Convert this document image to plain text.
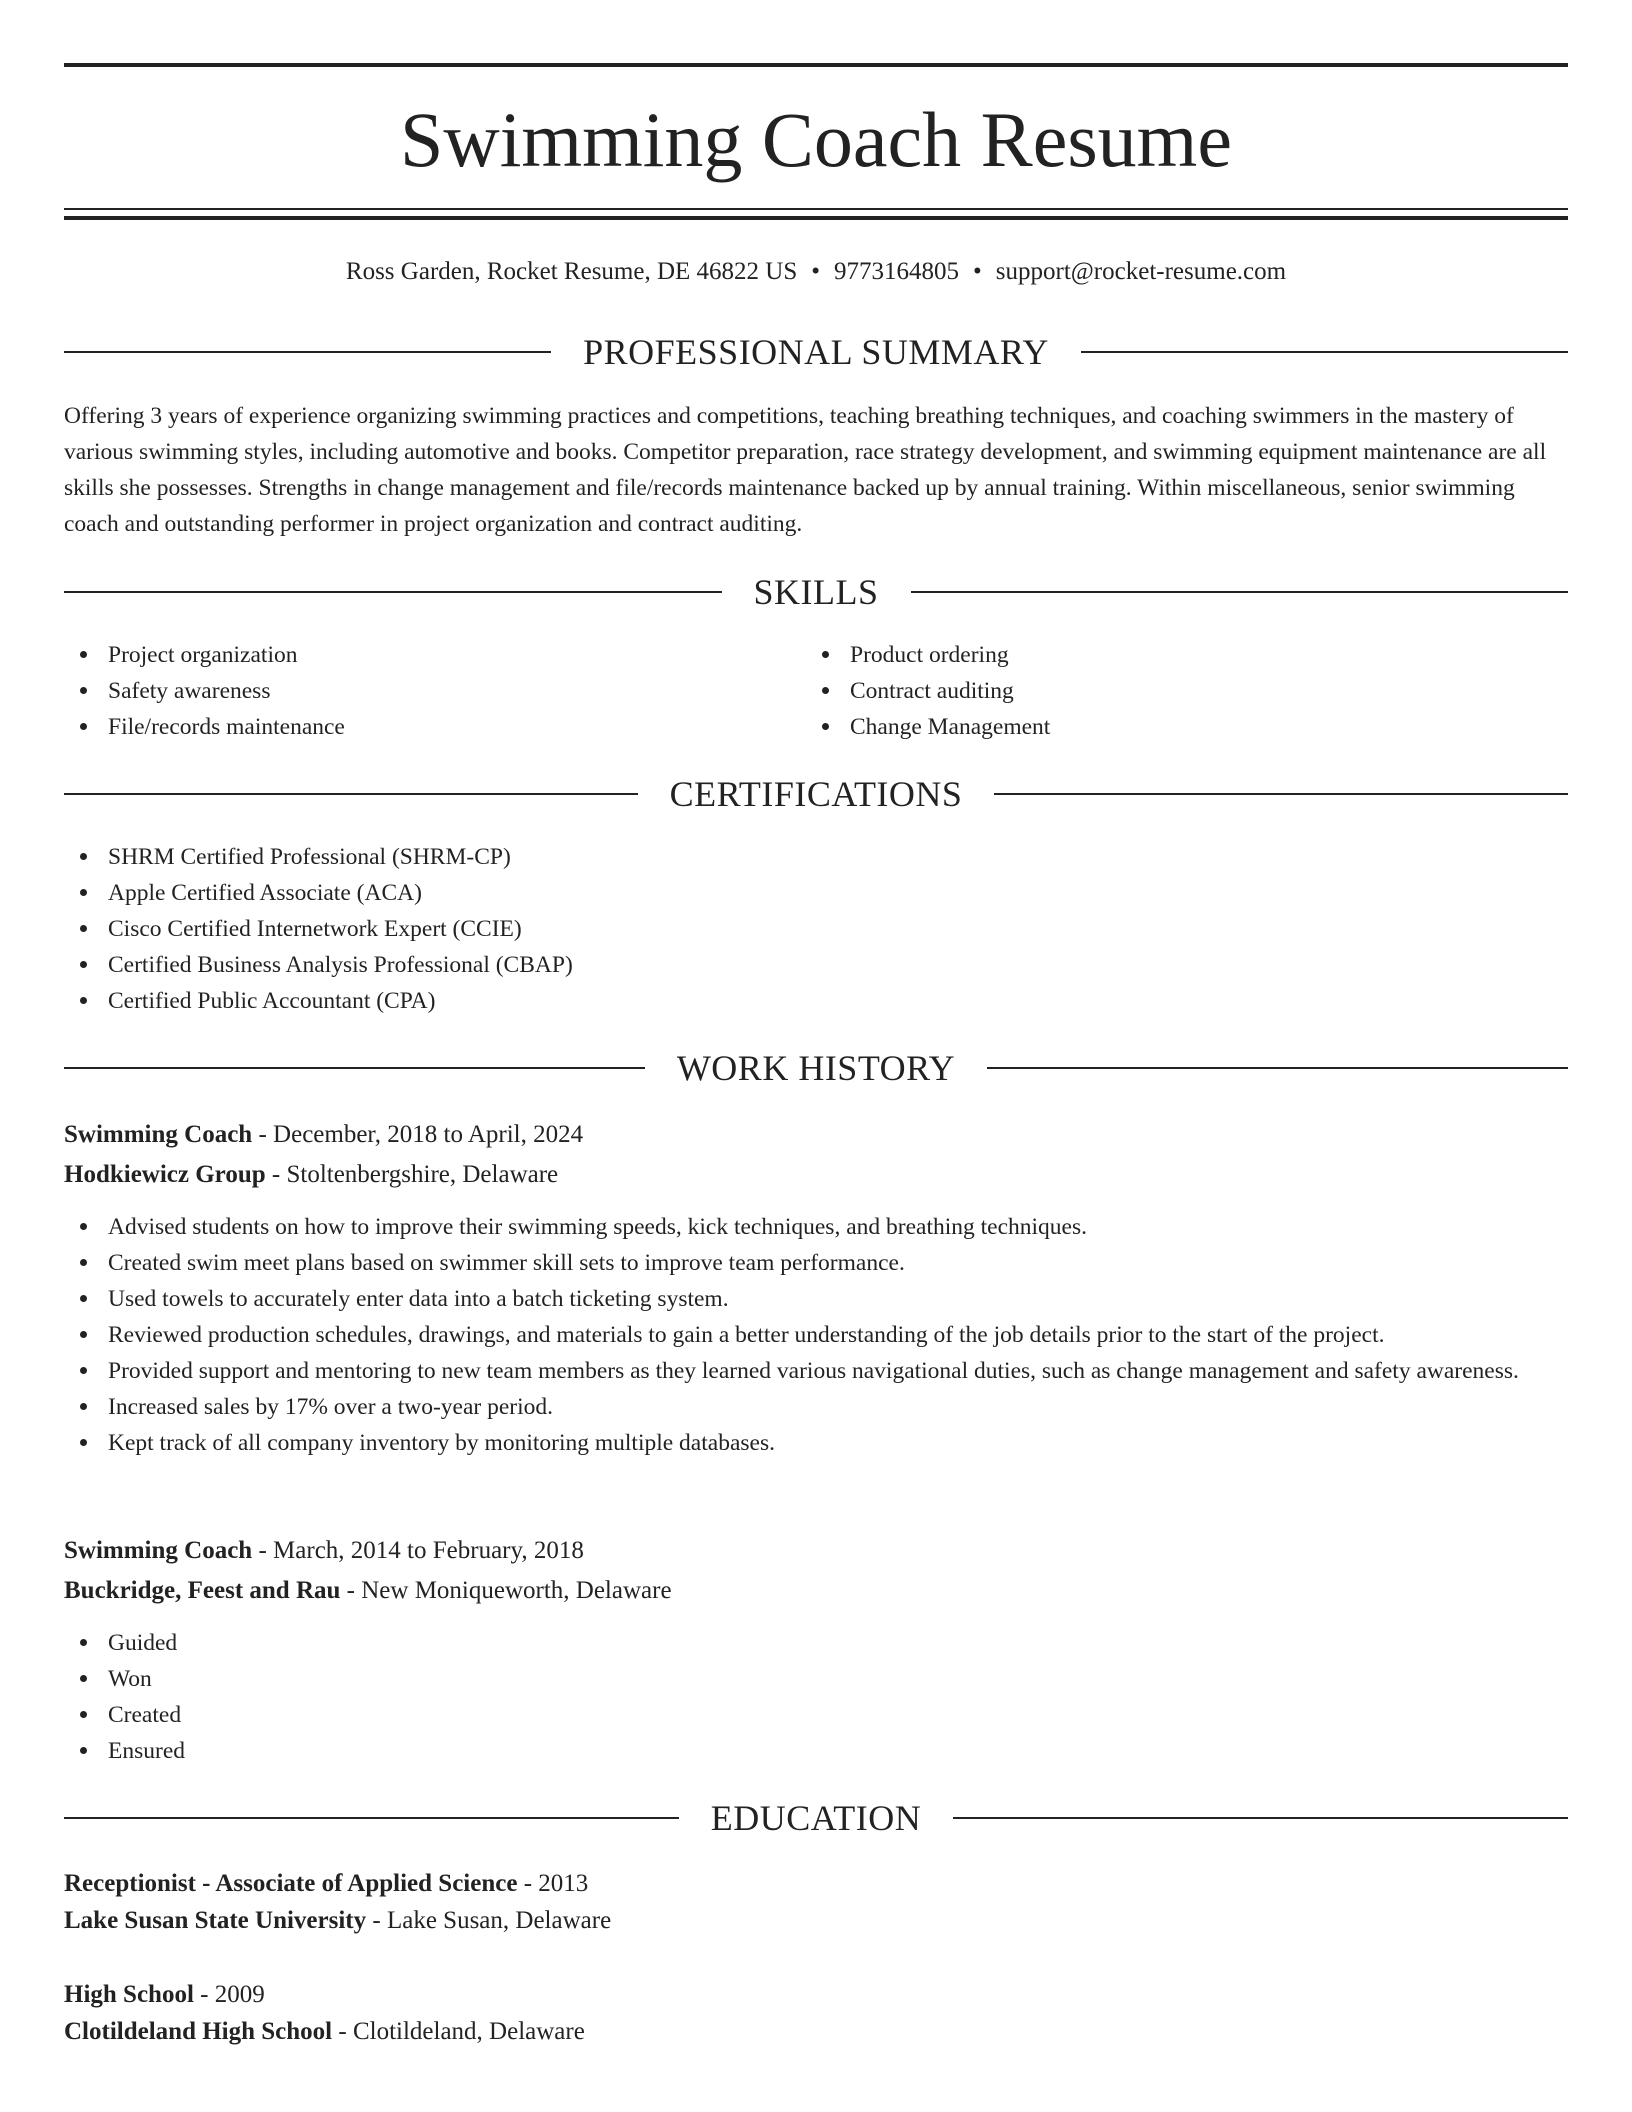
Swimming Coach Resume
Ross Garden, Rocket Resume, DE 46822 US • 9773164805 • support@rocket-resume.com
PROFESSIONAL SUMMARY

Offering 3 years of experience organizing swimming practices and competitions, teaching breathing techniques, and coaching swimmers in the mastery of various swimming styles, including automotive and books. Competitor preparation, race strategy development, and swimming equipment maintenance are all skills she possesses. Strengths in change management and file/records maintenance backed up by annual training. Within miscellaneous, senior swimming coach and outstanding performer in project organization and contract auditing.

SKILLS
Project organization
Safety awareness
File/records maintenance
Product ordering
Contract auditing
Change Management
CERTIFICATIONS
SHRM Certified Professional (SHRM-CP)
Apple Certified Associate (ACA)
Cisco Certified Internetwork Expert (CCIE)
Certified Business Analysis Professional (CBAP)
Certified Public Accountant (CPA)
WORK HISTORY
Swimming Coach - December, 2018 to April, 2024
Hodkiewicz Group - Stoltenbergshire, Delaware
Advised students on how to improve their swimming speeds, kick techniques, and breathing techniques.
Created swim meet plans based on swimmer skill sets to improve team performance.
Used towels to accurately enter data into a batch ticketing system.
Reviewed production schedules, drawings, and materials to gain a better understanding of the job details prior to the start of the project.
Provided support and mentoring to new team members as they learned various navigational duties, such as change management and safety awareness.
Increased sales by 17% over a two-year period.
Kept track of all company inventory by monitoring multiple databases.
Swimming Coach - March, 2014 to February, 2018
Buckridge, Feest and Rau - New Moniqueworth, Delaware
Guided
Won
Created
Ensured
EDUCATION
Receptionist - Associate of Applied Science - 2013
Lake Susan State University - Lake Susan, Delaware
High School - 2009
Clotildeland High School - Clotildeland, Delaware
